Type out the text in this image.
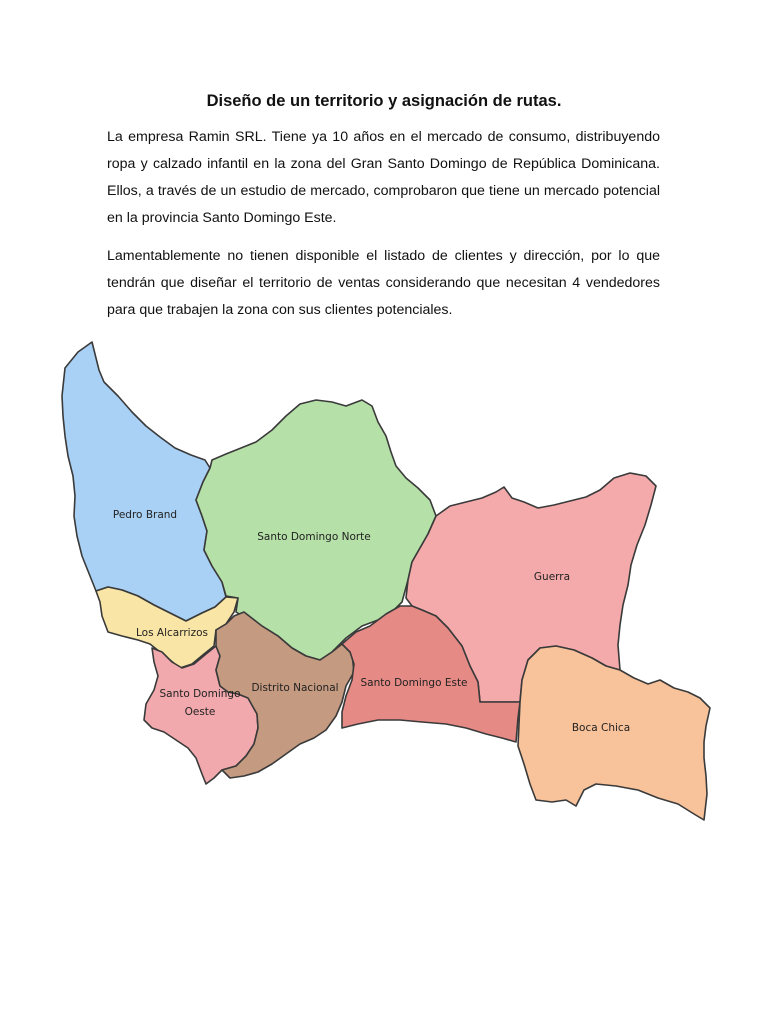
Diseño de un territorio y asignación de rutas.

La empresa Ramin SRL. Tiene ya 10 años en el mercado de consumo, distribuyendo ropa y calzado infantil en la zona del Gran Santo Domingo de República Dominicana. Ellos, a través de un estudio de mercado, comprobaron que tiene un mercado potencial en la provincia Santo Domingo Este.

Lamentablemente no tienen disponible el listado de clientes y dirección, por lo que tendrán que diseñar el territorio de ventas considerando que necesitan 4 vendedores para que trabajen la zona con sus clientes potenciales.

Pedro Brand
Santo Domingo Norte
Guerra
Los Alcarrizos
Santo Domingo
Oeste
Distrito Nacional Santo Domingo Este
Boca Chica
